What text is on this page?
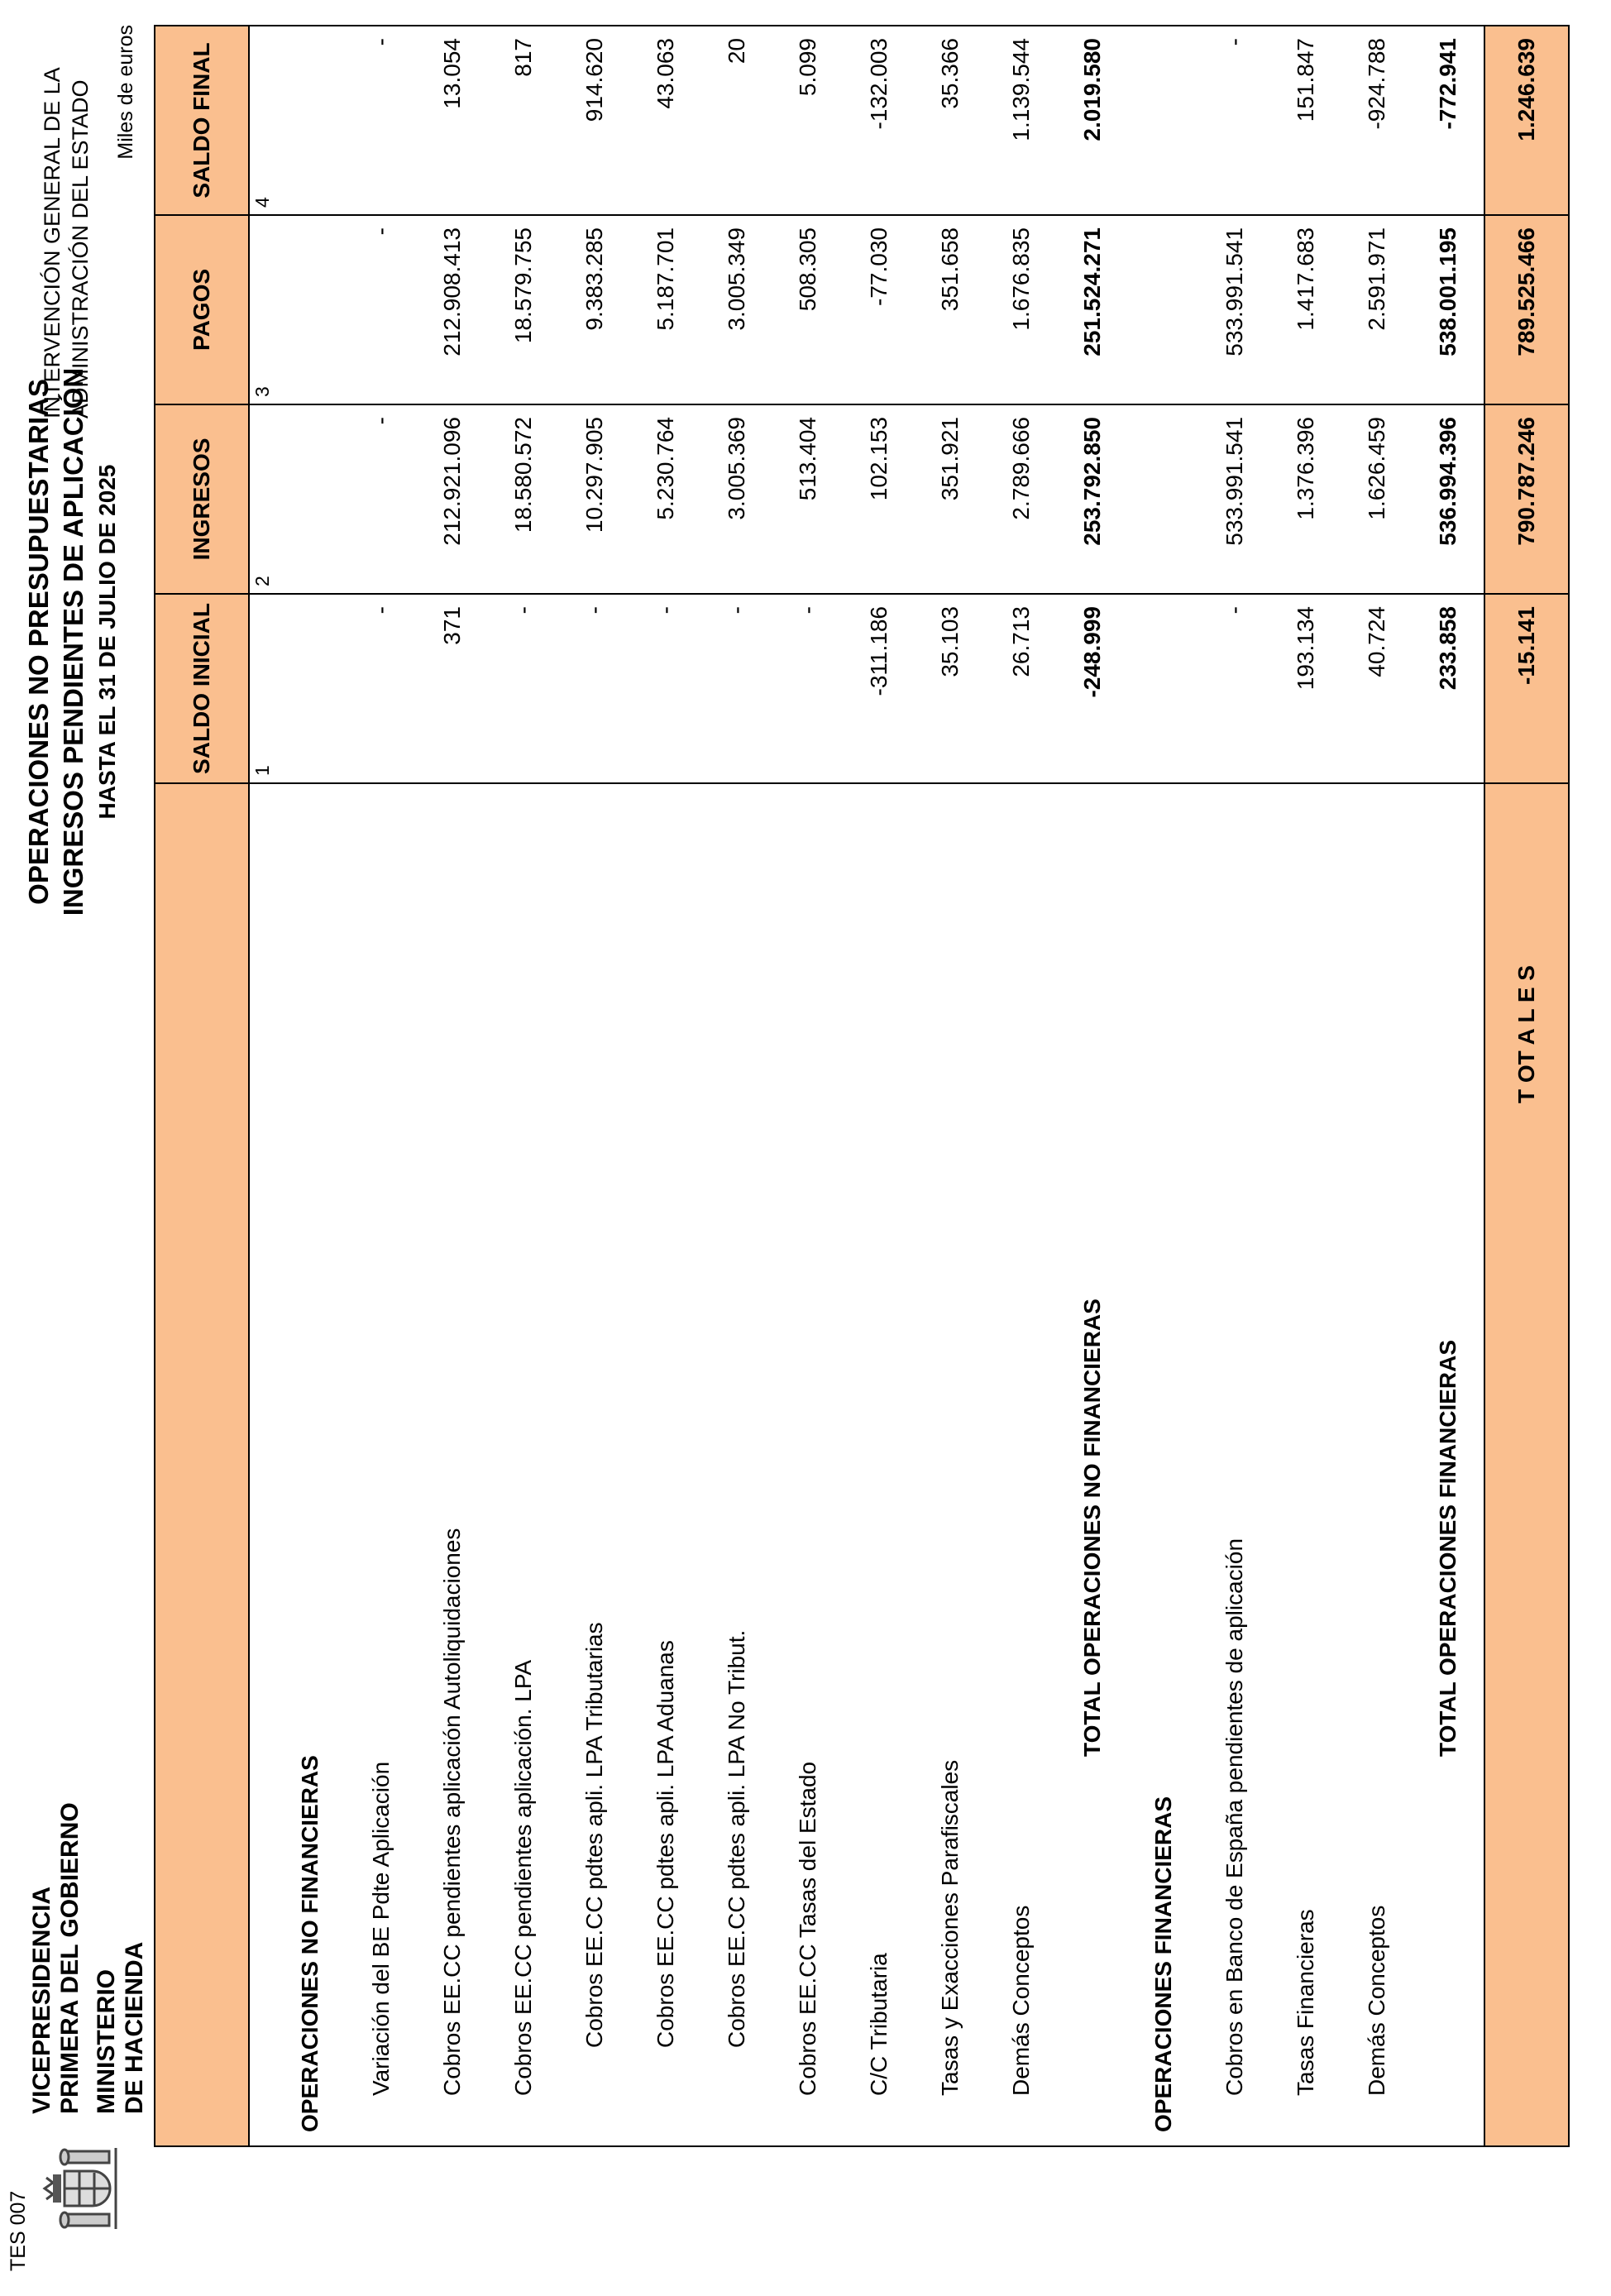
TES 007
VICEPRESIDENCIA PRIMERA DEL GOBIERNO MINISTERIO DE HACIENDA
OPERACIONES NO PRESUPUESTARIAS INGRESOS PENDIENTES DE APLICACIÓN HASTA EL 31 DE JULIO DE 2025
INTERVENCIÓN GENERAL DE LA ADMINISTRACIÓN DEL ESTADO Miles de euros
SALDO INICIAL
INGRESOS
PAGOS
SALDO FINAL
1
2
3
4
OPERACIONES NO FINANCIERAS	Variación del BE Pdte Aplicación
-
-
-
-
Cobros EE.CC pendientes aplicación Autoliquidaciones
371
212.921.096
212.908.413
13.054
Cobros EE.CC pendientes aplicación. LPA
-
18.580.572
18.579.755
817
Cobros EE.CC pdtes apli. LPA Tributarias
-
10.297.905
9.383.285
914.620
Cobros EE.CC pdtes apli. LPA Aduanas
-
5.230.764
5.187.701
43.063
Cobros EE.CC pdtes apli. LPA No Tribut.
-
3.005.369
3.005.349
20
Cobros EE.CC Tasas del Estado
-
513.404
508.305
5.099
C/C Tributaria
-311.186
102.153
-77.030
-132.003
Tasas y Exacciones Parafiscales
35.103
351.921
351.658
35.366
Demás Conceptos
26.713
2.789.666
1.676.835
1.139.544
TOTAL OPERACIONES NO FINANCIERAS
-248.999
253.792.850
251.524.271
2.019.580
OPERACIONES FINANCIERAS	Cobros en Banco de España pendientes de aplicación
-
533.991.541
533.991.541
-
Tasas Financieras
193.134
1.376.396
1.417.683
151.847
Demás Conceptos
40.724
1.626.459
2.591.971
-924.788
TOTAL OPERACIONES FINANCIERAS
233.858
536.994.396
538.001.195
-772.941
T OT A L E S
-15.141
790.787.246
789.525.466
1.246.639
